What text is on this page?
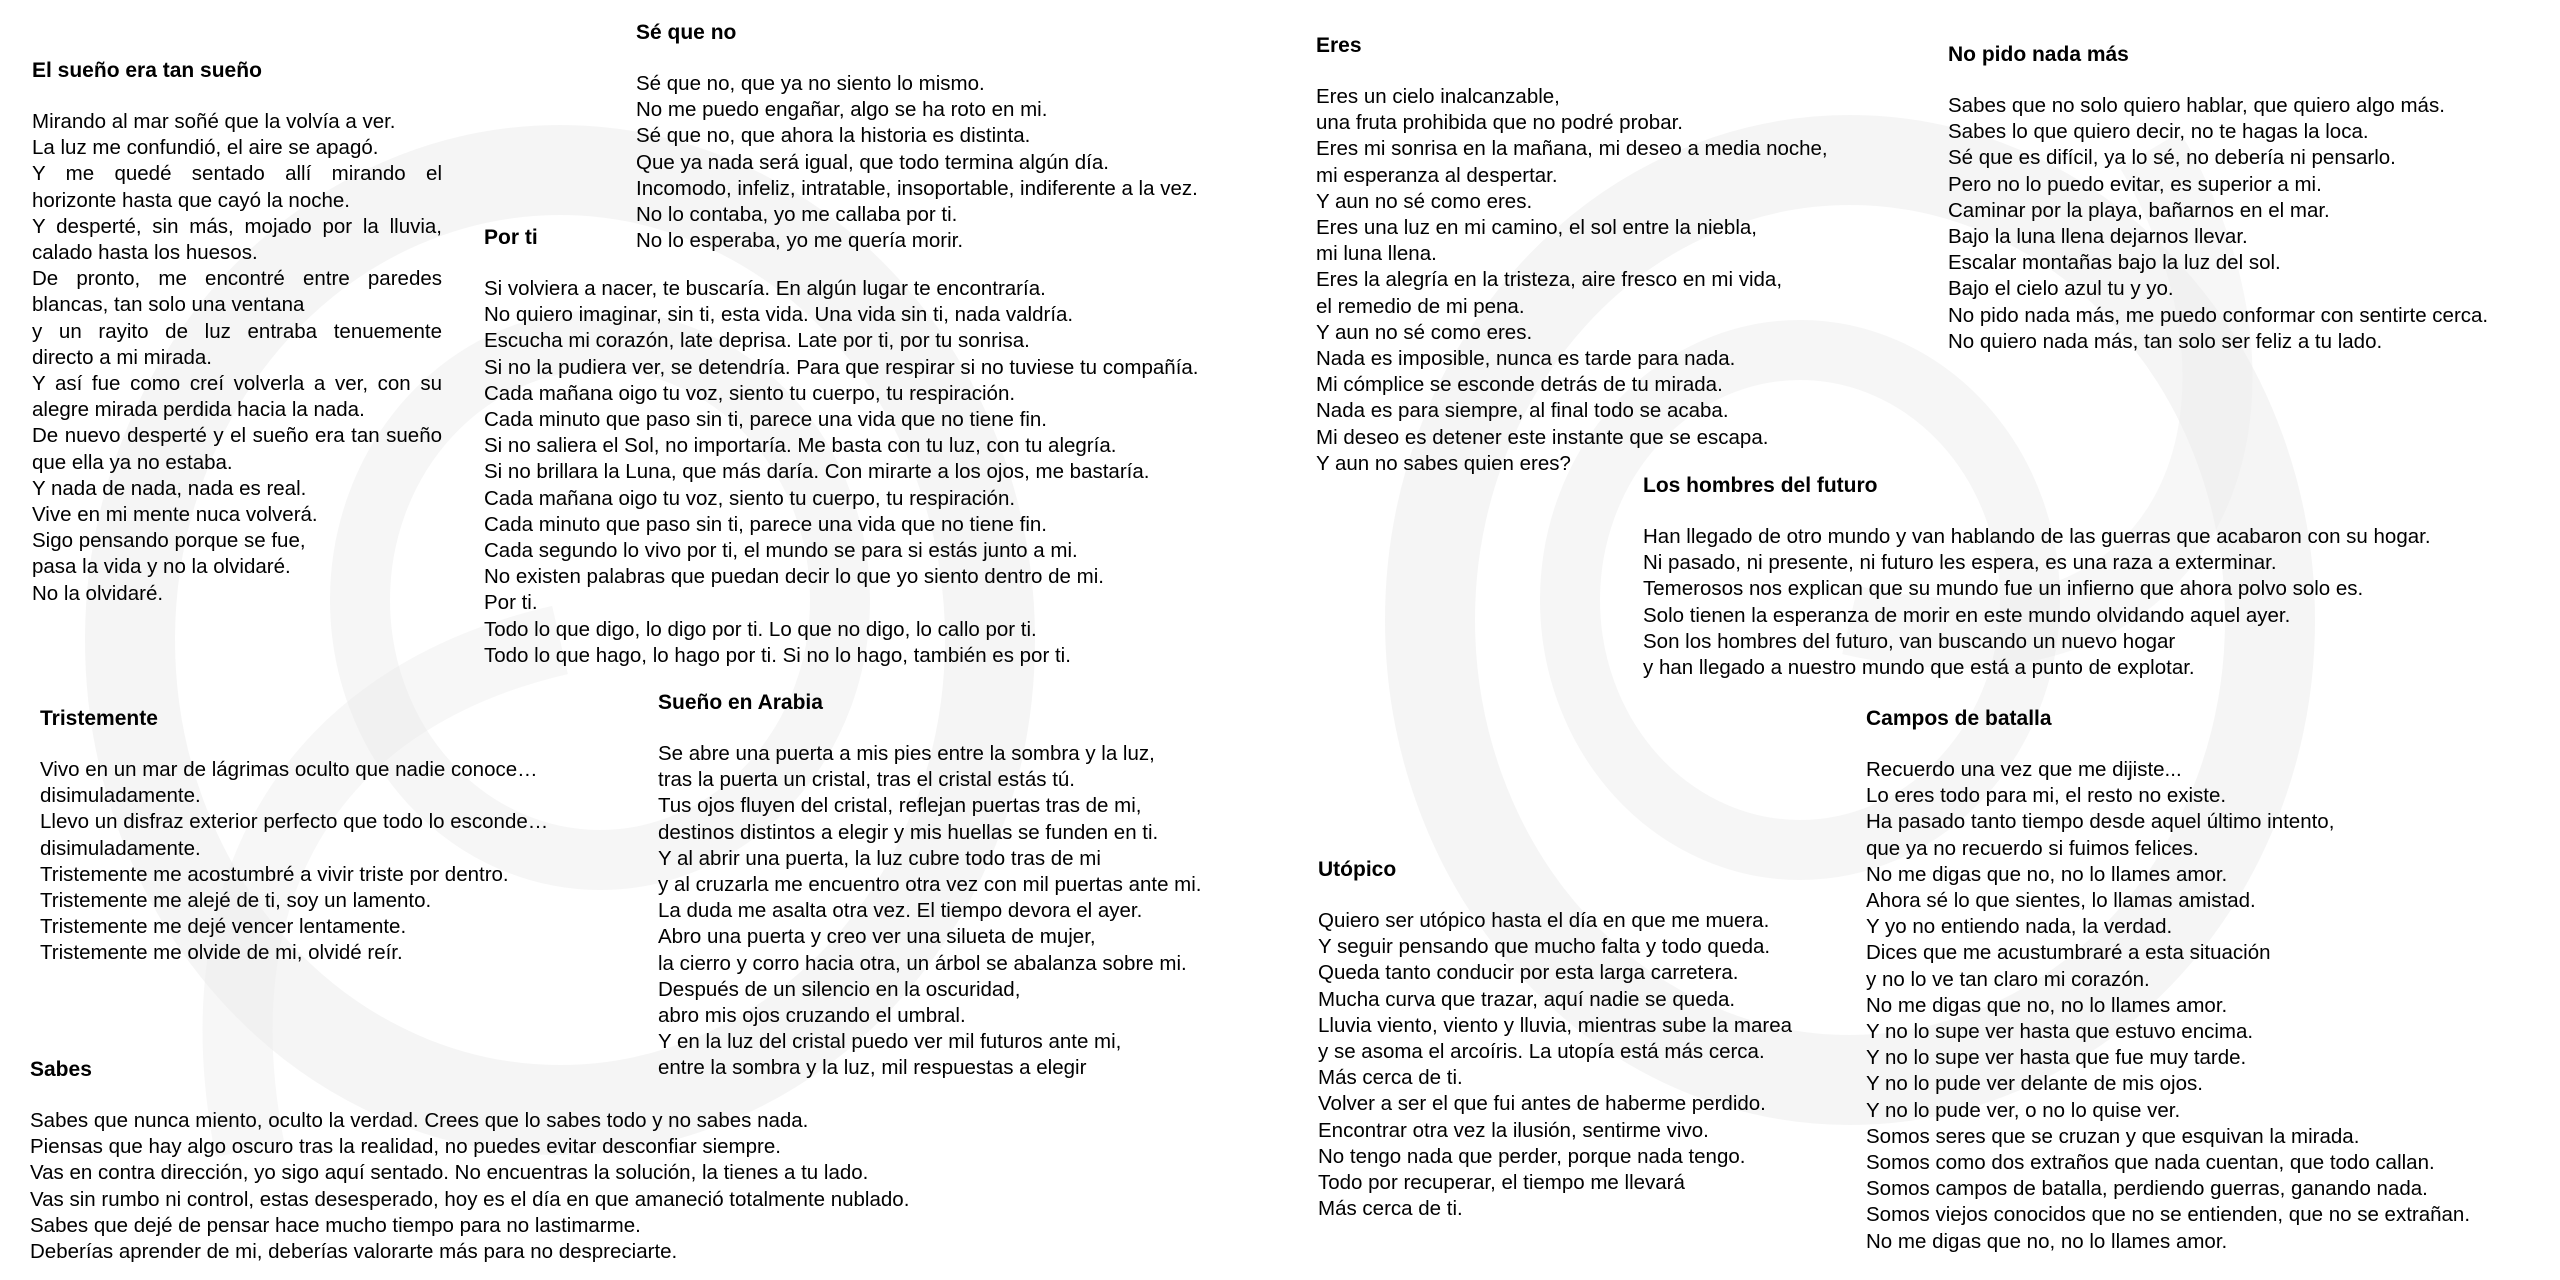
El sueño era tan sueño
Mirando al mar soñé que la volvía a ver.
La luz me confundió, el aire se apagó.
Y me quedé sentado allí mirando el horizonte hasta que cayó la noche.
Y desperté, sin más, mojado por la lluvia, calado hasta los huesos.
De pronto, me encontré entre paredes blancas, tan solo una ventana
y un rayito de luz entraba tenuemente directo a mi mirada.
Y así fue como creí volverla a ver, con su alegre mirada perdida hacia la nada.
De nuevo desperté y el sueño era tan sueño que ella ya no estaba.
Y nada de nada, nada es real.
Vive en mi mente nuca volverá.
Sigo pensando porque se fue,
pasa la vida y no la olvidaré.
No la olvidaré.
Sé que no
Sé que no, que ya no siento lo mismo.
No me puedo engañar, algo se ha roto en mi.
Sé que no, que ahora la historia es distinta.
Que ya nada será igual, que todo termina algún día.
Incomodo, infeliz, intratable, insoportable, indiferente a la vez.
No lo contaba, yo me callaba por ti.
No lo esperaba, yo me quería morir.
Por ti
Si volviera a nacer, te buscaría. En algún lugar te encontraría.
No quiero imaginar, sin ti, esta vida. Una vida sin ti, nada valdría.
Escucha mi corazón, late deprisa. Late por ti, por tu sonrisa.
Si no la pudiera ver, se detendría. Para que respirar si no tuviese tu compañía.
Cada mañana oigo tu voz, siento tu cuerpo, tu respiración.
Cada minuto que paso sin ti, parece una vida que no tiene fin.
Si no saliera el Sol, no importaría. Me basta con tu luz, con tu alegría.
Si no brillara la Luna, que más daría. Con mirarte a los ojos, me bastaría.
Cada mañana oigo tu voz, siento tu cuerpo, tu respiración.
Cada minuto que paso sin ti, parece una vida que no tiene fin.
Cada segundo lo vivo por ti, el mundo se para si estás junto a mi.
No existen palabras que puedan decir lo que yo siento dentro de mi.
Por ti.
Todo lo que digo, lo digo por ti. Lo que no digo, lo callo por ti.
Todo lo que hago, lo hago por ti. Si no lo hago, también es por ti.
Tristemente
Vivo en un mar de lágrimas oculto que nadie conoce…
disimuladamente.
Llevo un disfraz exterior perfecto que todo lo esconde…
disimuladamente.
Tristemente me acostumbré a vivir triste por dentro.
Tristemente me alejé de ti, soy un lamento.
Tristemente me dejé vencer lentamente.
Tristemente me olvide de mi, olvidé reír.
Sueño en Arabia
Se abre una puerta a mis pies entre la sombra y la luz,
tras la puerta un cristal, tras el cristal estás tú.
Tus ojos fluyen del cristal, reflejan puertas tras de mi,
destinos distintos a elegir y mis huellas se funden en ti.
Y al abrir una puerta, la luz cubre todo tras de mi
y al cruzarla me encuentro otra vez con mil puertas ante mi.
La duda me asalta otra vez. El tiempo devora el ayer.
Abro una puerta y creo ver una silueta de mujer,
la cierro y corro hacia otra, un árbol se abalanza sobre mi.
Después de un silencio en la oscuridad,
abro mis ojos cruzando el umbral.
Y en la luz del cristal puedo ver mil futuros ante mi,
entre la sombra y la luz, mil respuestas a elegir
Sabes
Sabes que nunca miento, oculto la verdad. Crees que lo sabes todo y no sabes nada.
Piensas que hay algo oscuro tras la realidad, no puedes evitar desconfiar siempre.
Vas en contra dirección, yo sigo aquí sentado. No encuentras la solución, la tienes a tu lado.
Vas sin rumbo ni control, estas desesperado, hoy es el día en que amaneció totalmente nublado.
Sabes que dejé de pensar hace mucho tiempo para no lastimarme.
Deberías aprender de mi, deberías valorarte más para no despreciarte.
Eres
Eres un cielo inalcanzable,
una fruta prohibida que no podré probar.
Eres mi sonrisa en la mañana, mi deseo a media noche,
mi esperanza al despertar.
Y aun no sé como eres.
Eres una luz en mi camino, el sol entre la niebla,
mi luna llena.
Eres la alegría en la tristeza, aire fresco en mi vida,
el remedio de mi pena.
Y aun no sé como eres.
Nada es imposible, nunca es tarde para nada.
Mi cómplice se esconde detrás de tu mirada.
Nada es para siempre, al final todo se acaba.
Mi deseo es detener este instante que se escapa.
Y aun no sabes quien eres?
No pido nada más
Sabes que no solo quiero hablar, que quiero algo más.
Sabes lo que quiero decir, no te hagas la loca.
Sé que es difícil, ya lo sé, no debería ni pensarlo.
Pero no lo puedo evitar, es superior a mi.
Caminar por la playa, bañarnos en el mar.
Bajo la luna llena dejarnos llevar.
Escalar montañas bajo la luz del sol.
Bajo el cielo azul tu y yo.
No pido nada más, me puedo conformar con sentirte cerca.
No quiero nada más, tan solo ser feliz a tu lado.
Los hombres del futuro
Han llegado de otro mundo y van hablando de las guerras que acabaron con su hogar.
Ni pasado, ni presente, ni futuro les espera, es una raza a exterminar.
Temerosos nos explican que su mundo fue un infierno que ahora polvo solo es.
Solo tienen la esperanza de morir en este mundo olvidando aquel ayer.
Son los hombres del futuro, van buscando un nuevo hogar
y han llegado a nuestro mundo que está a punto de explotar.
Campos de batalla
Recuerdo una vez que me dijiste...
Lo eres todo para mi, el resto no existe.
Ha pasado tanto tiempo desde aquel último intento,
que ya no recuerdo si fuimos felices.
No me digas que no, no lo llames amor.
Ahora sé lo que sientes, lo llamas amistad.
Y yo no entiendo nada, la verdad.
Dices que me acustumbraré a esta situación
y no lo ve tan claro mi corazón.
No me digas que no, no lo llames amor.
Y no lo supe ver hasta que estuvo encima.
Y no lo supe ver hasta que fue muy tarde.
Y no lo pude ver delante de mis ojos.
Y no lo pude ver, o no lo quise ver.
Somos seres que se cruzan y que esquivan la mirada.
Somos como dos extraños que nada cuentan, que todo callan.
Somos campos de batalla, perdiendo guerras, ganando nada.
Somos viejos conocidos que no se entienden, que no se extrañan.
No me digas que no, no lo llames amor.
Utópico
Quiero ser utópico hasta el día en que me muera.
Y seguir pensando que mucho falta y todo queda.
Queda tanto conducir por esta larga carretera.
Mucha curva que trazar, aquí nadie se queda.
Lluvia viento, viento y lluvia, mientras sube la marea
y se asoma el arcoíris. La utopía está más cerca.
Más cerca de ti.
Volver a ser el que fui antes de haberme perdido.
Encontrar otra vez la ilusión, sentirme vivo.
No tengo nada que perder, porque nada tengo.
Todo por recuperar, el tiempo me llevará
Más cerca de ti.
